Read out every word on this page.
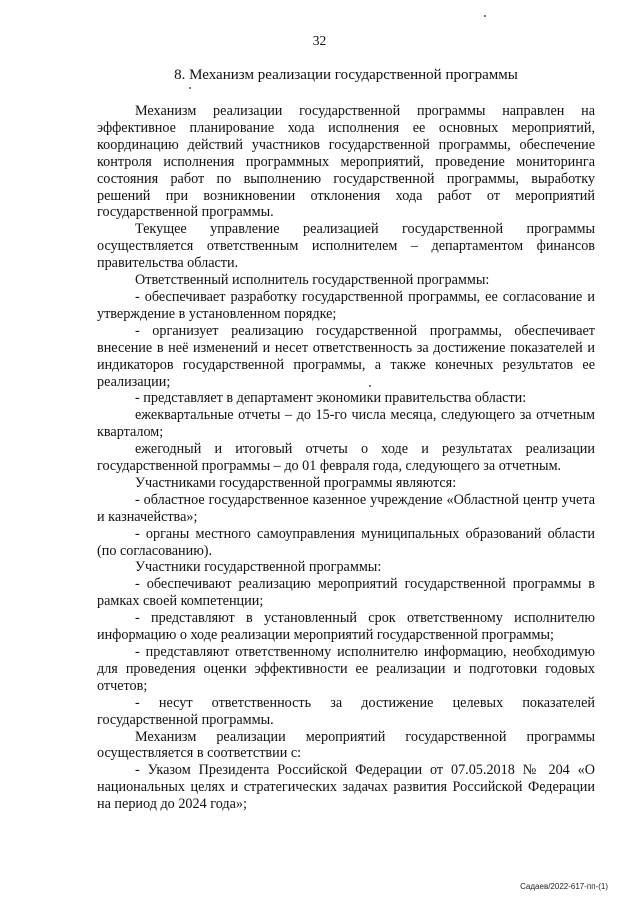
32
8. Механизм реализации государственной программы

Механизм реализации государственной программы направлен на эффективное планирование хода исполнения ее основных мероприятий, координацию действий участников государственной программы, обеспечение контроля исполнения программных мероприятий, проведение мониторинга состояния работ по выполнению государственной программы, выработку решений при возникновении отклонения хода работ от мероприятий государственной программы.

Текущее управление реализацией государственной программы осуществляется ответственным исполнителем – департаментом финансов правительства области.

Ответственный исполнитель государственной программы:

- обеспечивает разработку государственной программы, ее согласование и утверждение в установленном порядке;

- организует реализацию государственной программы, обеспечивает внесение в неё изменений и несет ответственность за достижение показателей и индикаторов государственной программы, а также конечных результатов ее реализации;

- представляет в департамент экономики правительства области:

ежеквартальные отчеты – до 15-го числа месяца, следующего за отчетным кварталом;

ежегодный и итоговый отчеты о ходе и результатах реализации государственной программы – до 01 февраля года, следующего за отчетным.

Участниками государственной программы являются:

- областное государственное казенное учреждение «Областной центр учета и казначейства»;

- органы местного самоуправления муниципальных образований области (по согласованию).

Участники государственной программы:

- обеспечивают реализацию мероприятий государственной программы в рамках своей компетенции;

- представляют в установленный срок ответственному исполнителю информацию о ходе реализации мероприятий государственной программы;

- представляют ответственному исполнителю информацию, необходимую для проведения оценки эффективности ее реализации и подготовки годовых отчетов;

- несут ответственность за достижение целевых показателей государственной программы.

Механизм реализации мероприятий государственной программы осуществляется в соответствии с:

- Указом Президента Российской Федерации от 07.05.2018 № 204 «О национальных целях и стратегических задачах развития Российской Федерации на период до 2024 года»;

Садаев/2022-617-пп-(1)
